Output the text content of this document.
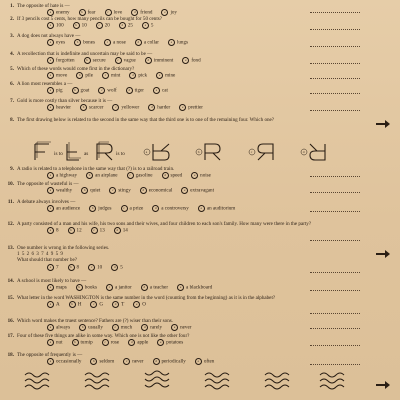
1. The opposite of hate is —
a enemy	b fear	c love	d friend	e joy
2. If 3 pencils cost 5 cents, how many pencils can be bought for 50 cents?
a 100	b 10	c 20	d 25	e 5
3. A dog does not always have —
a eyes	b bones	c a nose	d a collar	e lungs
4. A recollection that is indefinite and uncertain may be said to be —
a forgotten	b secure	c vague	d imminent	e fond
5. Which of these words would come first in the dictionary?
a move	b pile	c mint	d pick	e mine
6. A lion most resembles a —
a pig	b goat	c wolf	d tiger	e cat
7. Gold is more costly than silver because it is —
a heavier	b scarcer	c yellower	d harder	e prettier
8. The first drawing below is related to the second in the same way that the third one is to one of the remaining four. Which one?
is to	as	is to	a	b	c	d
9. A radio is related to a telephone in the same way that (?) is to a railroad train.
a a highway	b an airplane	c gasoline	d speed	e noise
10. The opposite of wasteful is —
a wealthy	b quiet	c stingy	d economical	e extravagant
11. A debate always involves —
a an audience	b judges	c a prize	d a controversy	e an auditorium
12. A party consisted of a man and his wife, his two sons and their wives, and four children to each son's family. How many were there in the party?
a 8	b 12	c 13	d 14
13. One number is wrong in the following series.
1 5 2 6 3 7 4 9 5 9
What should that number be?
a 7	b 8	c 10	d 5
14. A school is most likely to have —
a maps	b books	c a janitor	d a teacher	e a blackboard
15. What letter in the word WASHINGTON is the same number in the word (counting from the beginning) as it is in the alphabet?
a A	b H	c G	d T	e O
16. Which word makes the truest sentence? Fathers are (?) wiser than their sons.
a always	b usually	c much	d rarely	e never
17. Four of these five things are alike in some way. Which one is not like the other four?
a nut	b turnip	c rose	d apple	e potatoes
18. The opposite of frequently is —
a occasionally	b seldom	c never	d periodically	e often
